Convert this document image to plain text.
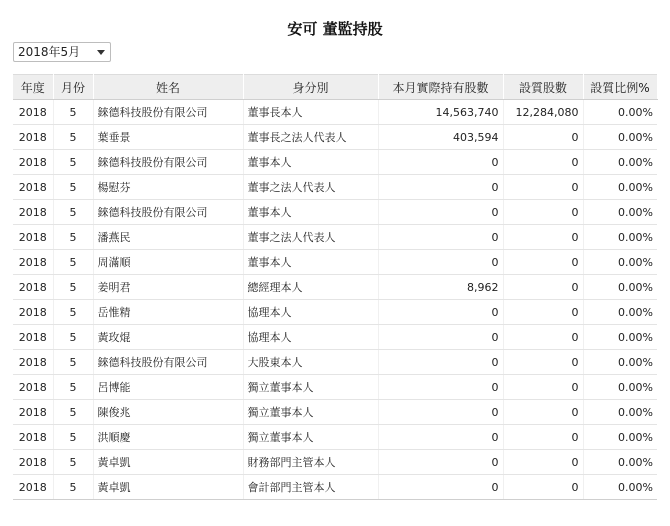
安可 董監持股
2018年5月
年度	月份	姓名	身分別	本月實際持有股數	設質股數	設質比例%
2018	5	錸德科技股份有限公司	董事長本人	14,563,740	12,284,080	0.00%
2018	5	葉垂景	董事長之法人代表人	403,594	0	0.00%
2018	5	錸德科技股份有限公司	董事本人	0	0	0.00%
2018	5	楊慰芬	董事之法人代表人	0	0	0.00%
2018	5	錸德科技股份有限公司	董事本人	0	0	0.00%
2018	5	潘燕民	董事之法人代表人	0	0	0.00%
2018	5	周滿順	董事本人	0	0	0.00%
2018	5	姜明君	總經理本人	8,962	0	0.00%
2018	5	岳惟精	協理本人	0	0	0.00%
2018	5	黃玫焜	協理本人	0	0	0.00%
2018	5	錸德科技股份有限公司	大股東本人	0	0	0.00%
2018	5	呂博能	獨立董事本人	0	0	0.00%
2018	5	陳俊兆	獨立董事本人	0	0	0.00%
2018	5	洪順慶	獨立董事本人	0	0	0.00%
2018	5	黃卓凱	財務部門主管本人	0	0	0.00%
2018	5	黃卓凱	會計部門主管本人	0	0	0.00%
